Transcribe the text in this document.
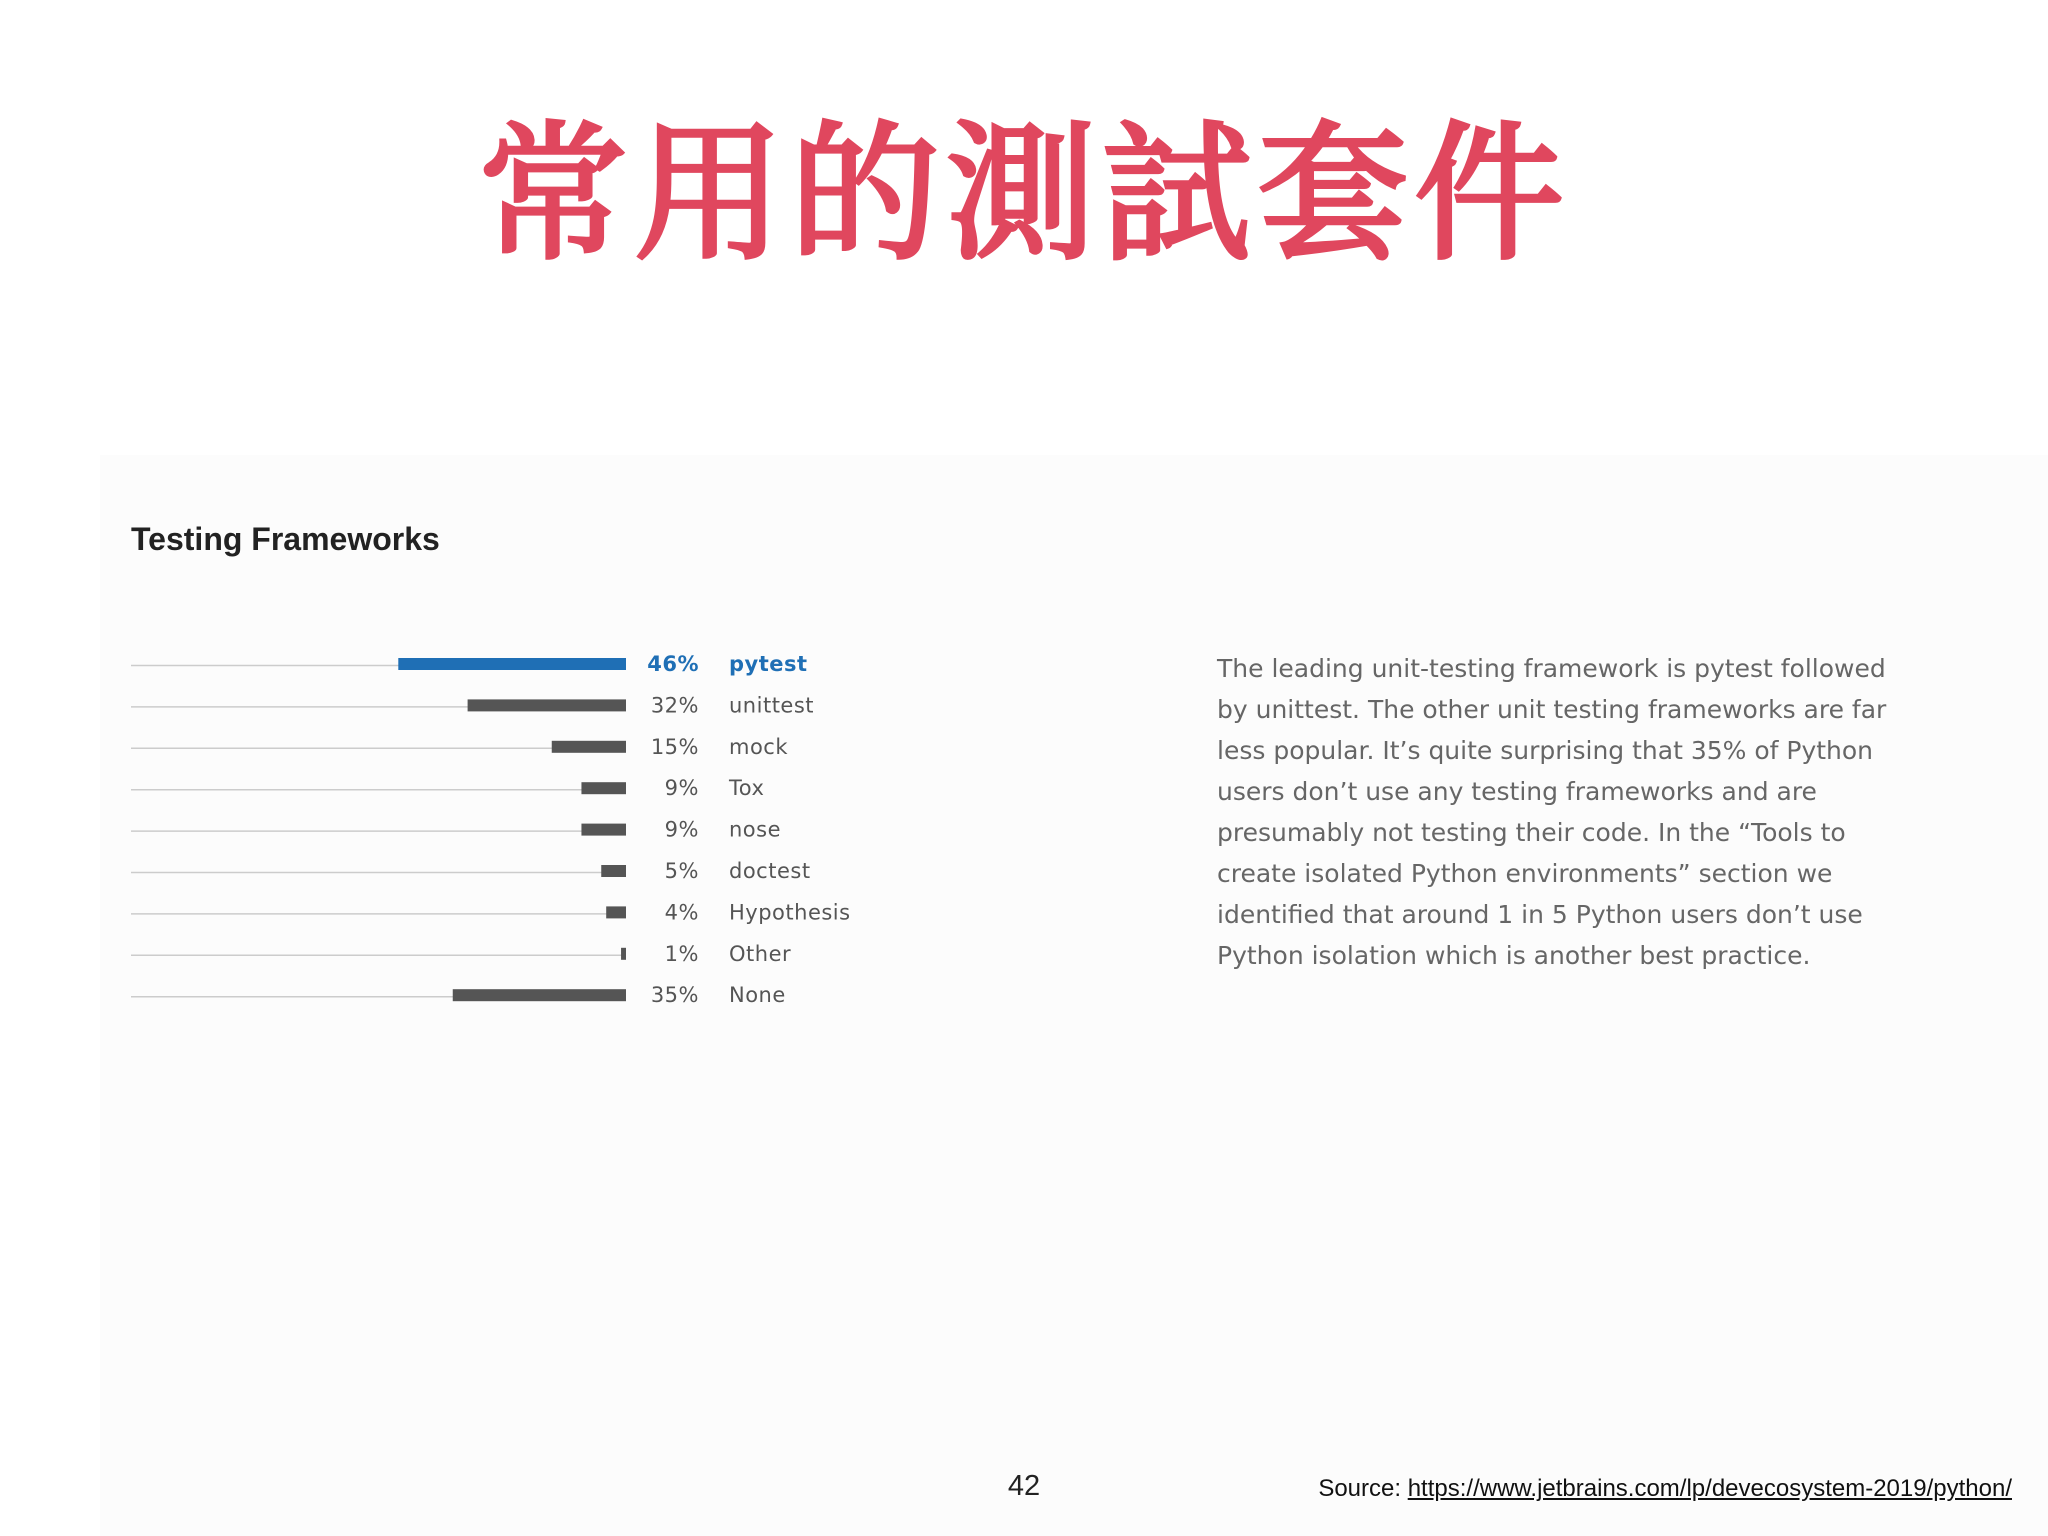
常用的測試套件
Testing Frameworks
46% pytest
32% unittest
15% mock
9% Tox
9% nose
5% doctest
4% Hypothesis
1% Other
35% None
The leading unit-testing framework is pytest followed by unittest. The other unit testing frameworks are far less popular. It’s quite surprising that 35% of Python users don’t use any testing frameworks and are presumably not testing their code. In the “Tools to create isolated Python environments” section we identified that around 1 in 5 Python users don’t use Python isolation which is another best practice.
42	Source: https://www.jetbrains.com/lp/devecosystem-2019/python/
